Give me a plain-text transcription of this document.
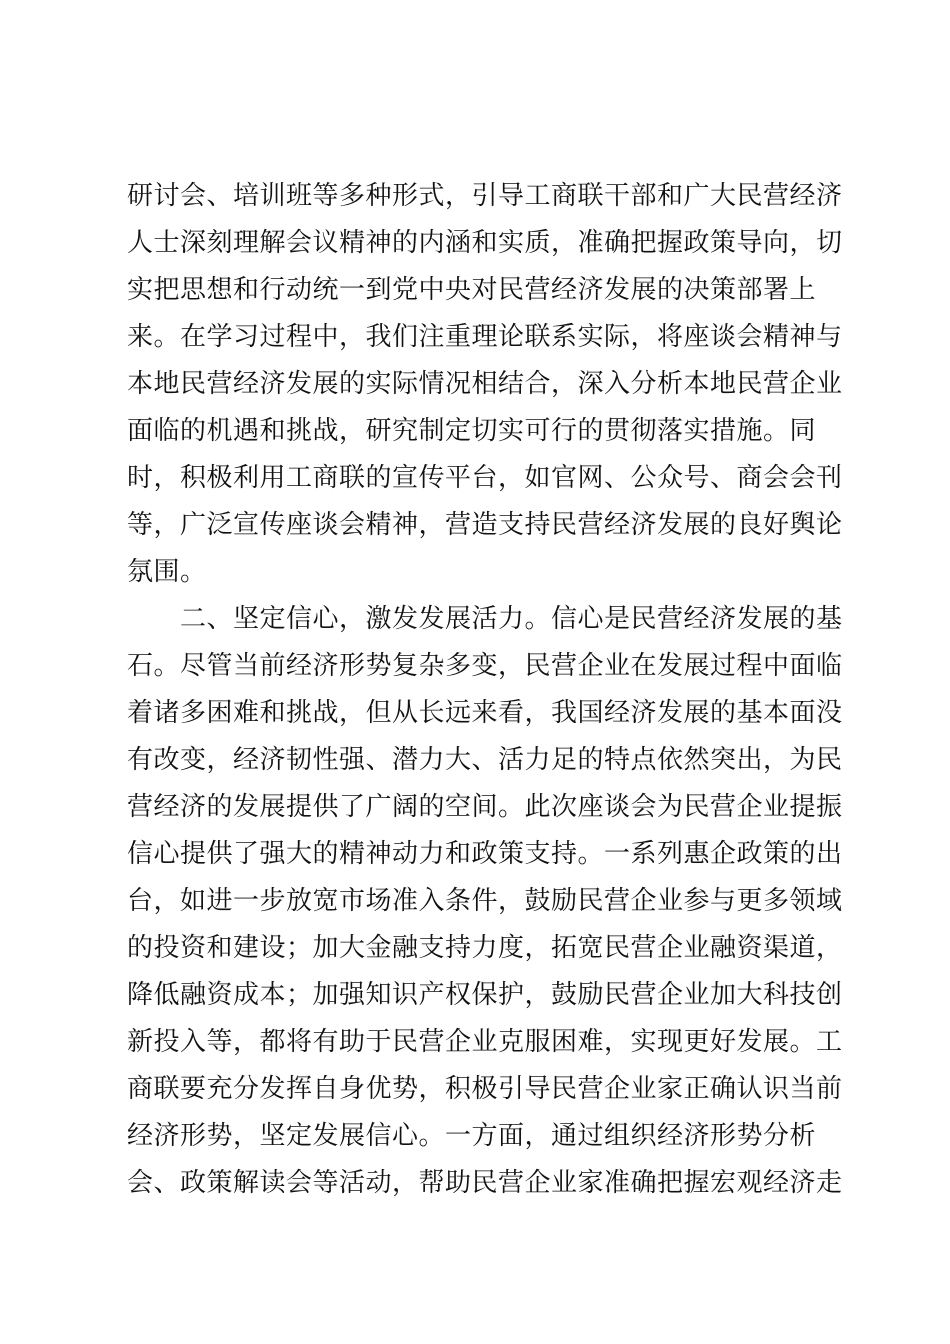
研讨会、培训班等多种形式，引导工商联干部和广大民营经济
人士深刻理解会议精神的内涵和实质，准确把握政策导向，切
实把思想和行动统一到党中央对民营经济发展的决策部署上
来。在学习过程中，我们注重理论联系实际，将座谈会精神与
本地民营经济发展的实际情况相结合，深入分析本地民营企业
面临的机遇和挑战，研究制定切实可行的贯彻落实措施。同
时，积极利用工商联的宣传平台，如官网、公众号、商会会刊
等，广泛宣传座谈会精神，营造支持民营经济发展的良好舆论
氛围。
　　二、坚定信心，激发发展活力。信心是民营经济发展的基
石。尽管当前经济形势复杂多变，民营企业在发展过程中面临
着诸多困难和挑战，但从长远来看，我国经济发展的基本面没
有改变，经济韧性强、潜力大、活力足的特点依然突出，为民
营经济的发展提供了广阔的空间。此次座谈会为民营企业提振
信心提供了强大的精神动力和政策支持。一系列惠企政策的出
台，如进一步放宽市场准入条件，鼓励民营企业参与更多领域
的投资和建设；加大金融支持力度，拓宽民营企业融资渠道，
降低融资成本；加强知识产权保护，鼓励民营企业加大科技创
新投入等，都将有助于民营企业克服困难，实现更好发展。工
商联要充分发挥自身优势，积极引导民营企业家正确认识当前
经济形势，坚定发展信心。一方面，通过组织经济形势分析
会、政策解读会等活动，帮助民营企业家准确把握宏观经济走
